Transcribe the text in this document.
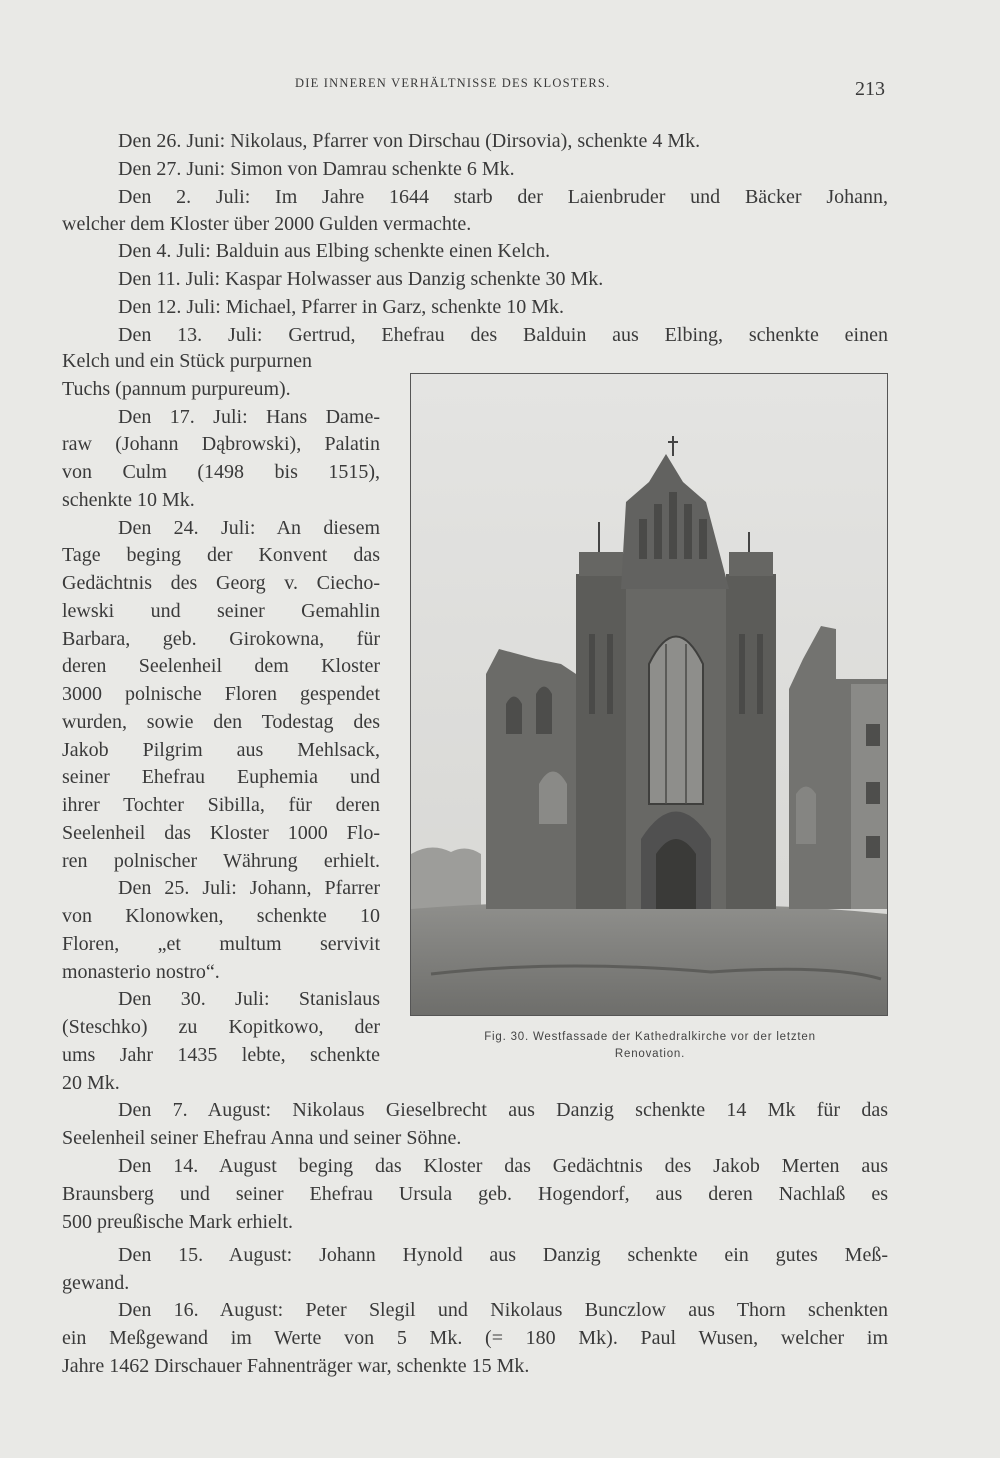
DIE INNEREN VERHÄLTNISSE DES KLOSTERS.	213
Den 26. Juni: Nikolaus, Pfarrer von Dirschau (Dirsovia), schenkte 4 Mk.
Den 27. Juni: Simon von Damrau schenkte 6 Mk.
Den 2. Juli: Im Jahre 1644 starb der Laienbruder und Bäcker Johann,
welcher dem Kloster über 2000 Gulden vermachte.
Den 4. Juli: Balduin aus Elbing schenkte einen Kelch.
Den 11. Juli: Kaspar Holwasser aus Danzig schenkte 30 Mk.
Den 12. Juli: Michael, Pfarrer in Garz, schenkte 10 Mk.
Den 13. Juli: Gertrud, Ehefrau des Balduin aus Elbing, schenkte einen
Kelch und ein Stück purpurnen
Tuchs (pannum purpureum).
Den 17. Juli: Hans Dame-
raw (Johann Dąbrowski), Palatin
von Culm (1498 bis 1515),
schenkte 10 Mk.
Den 24. Juli: An diesem
Tage beging der Konvent das
Gedächtnis des Georg v. Ciecho-
lewski und seiner Gemahlin
Barbara, geb. Girokowna, für
deren Seelenheil dem Kloster
3000 polnische Floren gespendet
wurden, sowie den Todestag des
Jakob Pilgrim aus Mehlsack,
seiner Ehefrau Euphemia und
ihrer Tochter Sibilla, für deren
Seelenheil das Kloster 1000 Flo-
ren polnischer Währung erhielt.
Den 25. Juli: Johann, Pfarrer
von Klonowken, schenkte 10
Floren, „et multum servivit
monasterio nostro“.
Den 30. Juli: Stanislaus
(Steschko) zu Kopitkowo, der
ums Jahr 1435 lebte, schenkte
20 Mk.
Den 7. August: Nikolaus Gieselbrecht aus Danzig schenkte 14 Mk für das
Seelenheil seiner Ehefrau Anna und seiner Söhne.
Den 14. August beging das Kloster das Gedächtnis des Jakob Merten aus
Braunsberg und seiner Ehefrau Ursula geb. Hogendorf, aus deren Nachlaß es
500 preußische Mark erhielt.
Den 15. August: Johann Hynold aus Danzig schenkte ein gutes Meß-
gewand.
Den 16. August: Peter Slegil und Nikolaus Bunczlow aus Thorn schenkten
ein Meßgewand im Werte von 5 Mk. (= 180 Mk). Paul Wusen, welcher im
Jahre 1462 Dirschauer Fahnenträger war, schenkte 15 Mk.
Fig. 30. Westfassade der Kathedralkirche vor der letzten
Renovation.
